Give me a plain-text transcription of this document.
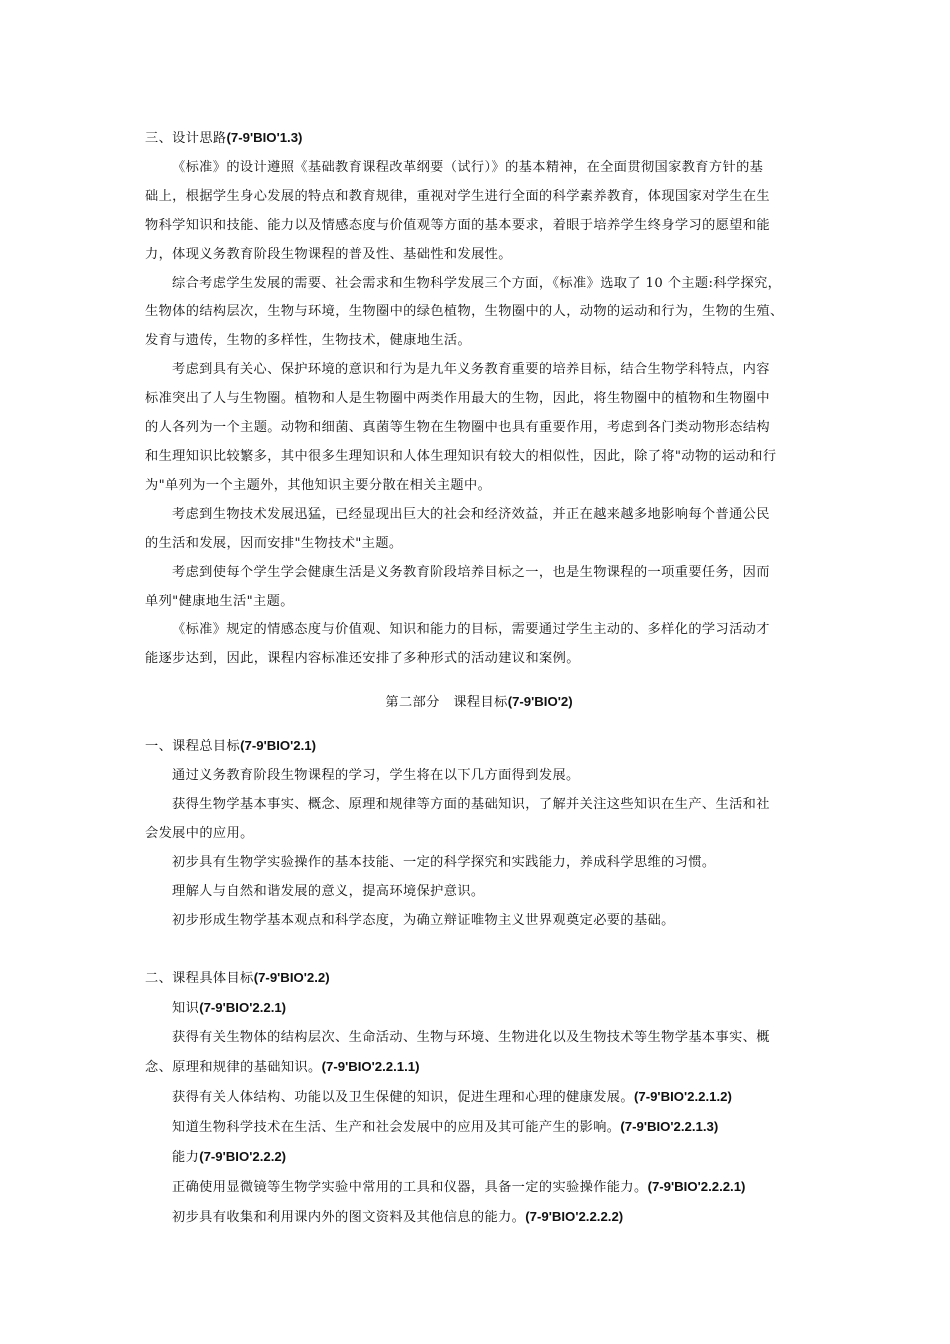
三、设计思路(7-9'BIO'1.3)
《标准》的设计遵照《基础教育课程改革纲要（试行）》的基本精神，在全面贯彻国家教育方针的基
础上，根据学生身心发展的特点和教育规律，重视对学生进行全面的科学素养教育，体现国家对学生在生
物科学知识和技能、能力以及情感态度与价值观等方面的基本要求，着眼于培养学生终身学习的愿望和能
力，体现义务教育阶段生物课程的普及性、基础性和发展性。
综合考虑学生发展的需要、社会需求和生物科学发展三个方面，《标准》选取了 10 个主题:科学探究，
生物体的结构层次，生物与环境，生物圈中的绿色植物，生物圈中的人，动物的运动和行为，生物的生殖、
发育与遗传，生物的多样性，生物技术，健康地生活。
考虑到具有关心、保护环境的意识和行为是九年义务教育重要的培养目标，结合生物学科特点，内容
标准突出了人与生物圈。植物和人是生物圈中两类作用最大的生物，因此，将生物圈中的植物和生物圈中
的人各列为一个主题。动物和细菌、真菌等生物在生物圈中也具有重要作用，考虑到各门类动物形态结构
和生理知识比较繁多，其中很多生理知识和人体生理知识有较大的相似性，因此，除了将"动物的运动和行
为"单列为一个主题外，其他知识主要分散在相关主题中。
考虑到生物技术发展迅猛，已经显现出巨大的社会和经济效益，并正在越来越多地影响每个普通公民
的生活和发展，因而安排"生物技术"主题。
考虑到使每个学生学会健康生活是义务教育阶段培养目标之一，也是生物课程的一项重要任务，因而
单列"健康地生活"主题。
《标准》规定的情感态度与价值观、知识和能力的目标，需要通过学生主动的、多样化的学习活动才
能逐步达到，因此，课程内容标准还安排了多种形式的活动建议和案例。
第二部分　课程目标(7-9'BIO'2)
一、课程总目标(7-9'BIO'2.1)
通过义务教育阶段生物课程的学习，学生将在以下几方面得到发展。
获得生物学基本事实、概念、原理和规律等方面的基础知识，了解并关注这些知识在生产、生活和社
会发展中的应用。
初步具有生物学实验操作的基本技能、一定的科学探究和实践能力，养成科学思维的习惯。
理解人与自然和谐发展的意义，提高环境保护意识。
初步形成生物学基本观点和科学态度，为确立辩证唯物主义世界观奠定必要的基础。
二、课程具体目标(7-9'BIO'2.2)
知识(7-9'BIO'2.2.1)
获得有关生物体的结构层次、生命活动、生物与环境、生物进化以及生物技术等生物学基本事实、概
念、原理和规律的基础知识。(7-9'BIO'2.2.1.1)
获得有关人体结构、功能以及卫生保健的知识，促进生理和心理的健康发展。(7-9'BIO'2.2.1.2)
知道生物科学技术在生活、生产和社会发展中的应用及其可能产生的影响。(7-9'BIO'2.2.1.3)
能力(7-9'BIO'2.2.2)
正确使用显微镜等生物学实验中常用的工具和仪器，具备一定的实验操作能力。(7-9'BIO'2.2.2.1)
初步具有收集和利用课内外的图文资料及其他信息的能力。(7-9'BIO'2.2.2.2)
